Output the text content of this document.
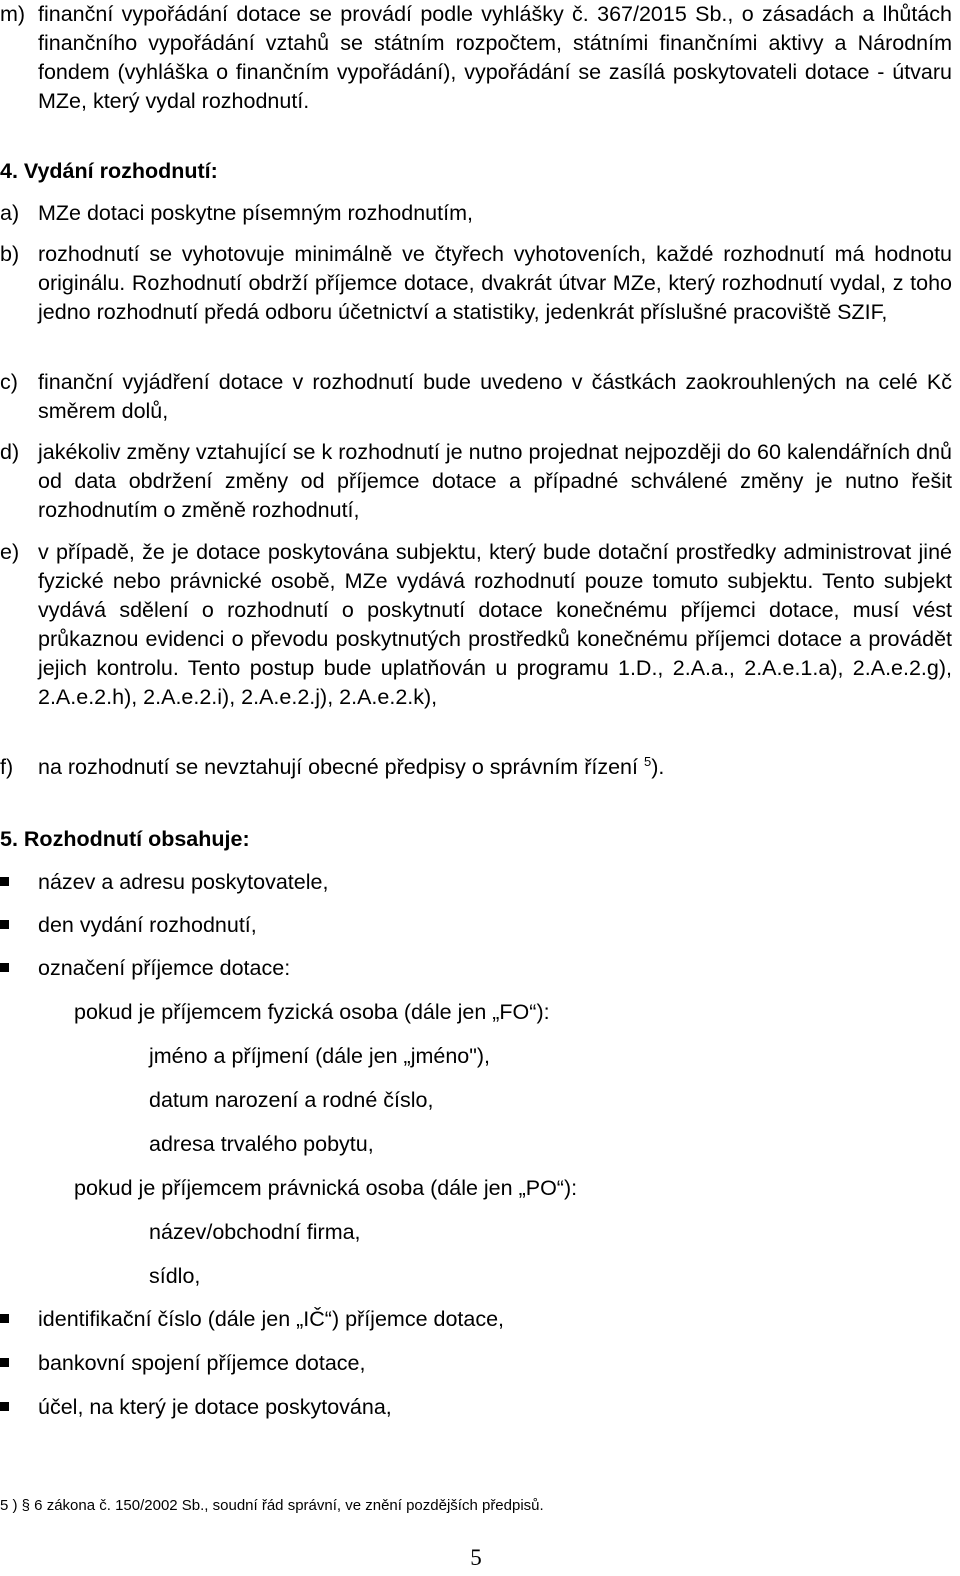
m) finanční vypořádání dotace se provádí podle vyhlášky č. 367/2015 Sb., o zásadách a lhůtách finančního vypořádání vztahů se státním rozpočtem, státními finančními aktivy a Národním fondem (vyhláška o finančním vypořádání), vypořádání se zasílá poskytovateli dotace - útvaru MZe, který vydal rozhodnutí.
4. Vydání rozhodnutí:
a) MZe dotaci poskytne písemným rozhodnutím,
b) rozhodnutí se vyhotovuje minimálně ve čtyřech vyhotoveních, každé rozhodnutí má hodnotu originálu. Rozhodnutí obdrží příjemce dotace, dvakrát útvar MZe, který rozhodnutí vydal, z toho jedno rozhodnutí předá odboru účetnictví a statistiky, jedenkrát příslušné pracoviště SZIF,
c) finanční vyjádření dotace v rozhodnutí bude uvedeno v částkách zaokrouhlených na celé Kč směrem dolů,
d) jakékoliv změny vztahující se k rozhodnutí je nutno projednat nejpozději do 60 kalendářních dnů od data obdržení změny od příjemce dotace a případné schválené změny je nutno řešit rozhodnutím o změně rozhodnutí,
e) v případě, že je dotace poskytována subjektu, který bude dotační prostředky administrovat jiné fyzické nebo právnické osobě, MZe vydává rozhodnutí pouze tomuto subjektu. Tento subjekt vydává sdělení o rozhodnutí o poskytnutí dotace konečnému příjemci dotace, musí vést průkaznou evidenci o převodu poskytnutých prostředků konečnému příjemci dotace a provádět jejich kontrolu. Tento postup bude uplatňován u programu 1.D., 2.A.a., 2.A.e.1.a), 2.A.e.2.g), 2.A.e.2.h), 2.A.e.2.i), 2.A.e.2.j), 2.A.e.2.k),
f)	na rozhodnutí se nevztahují obecné předpisy o správním řízení $^5$).
5. Rozhodnutí obsahuje:
název a adresu poskytovatele,
den vydání rozhodnutí,
označení příjemce dotace:
pokud je příjemcem fyzická osoba (dále jen „FO“):
jméno a příjmení (dále jen „jméno"),
datum narození a rodné číslo,
adresa trvalého pobytu,
pokud je příjemcem právnická osoba (dále jen „PO“):
název/obchodní firma,
sídlo,
identifikační číslo (dále jen „IČ“) příjemce dotace,
bankovní spojení příjemce dotace,
účel, na který je dotace poskytována,
5 ) § 6 zákona č. 150/2002 Sb., soudní řád správní, ve znění pozdějších předpisů.
5
